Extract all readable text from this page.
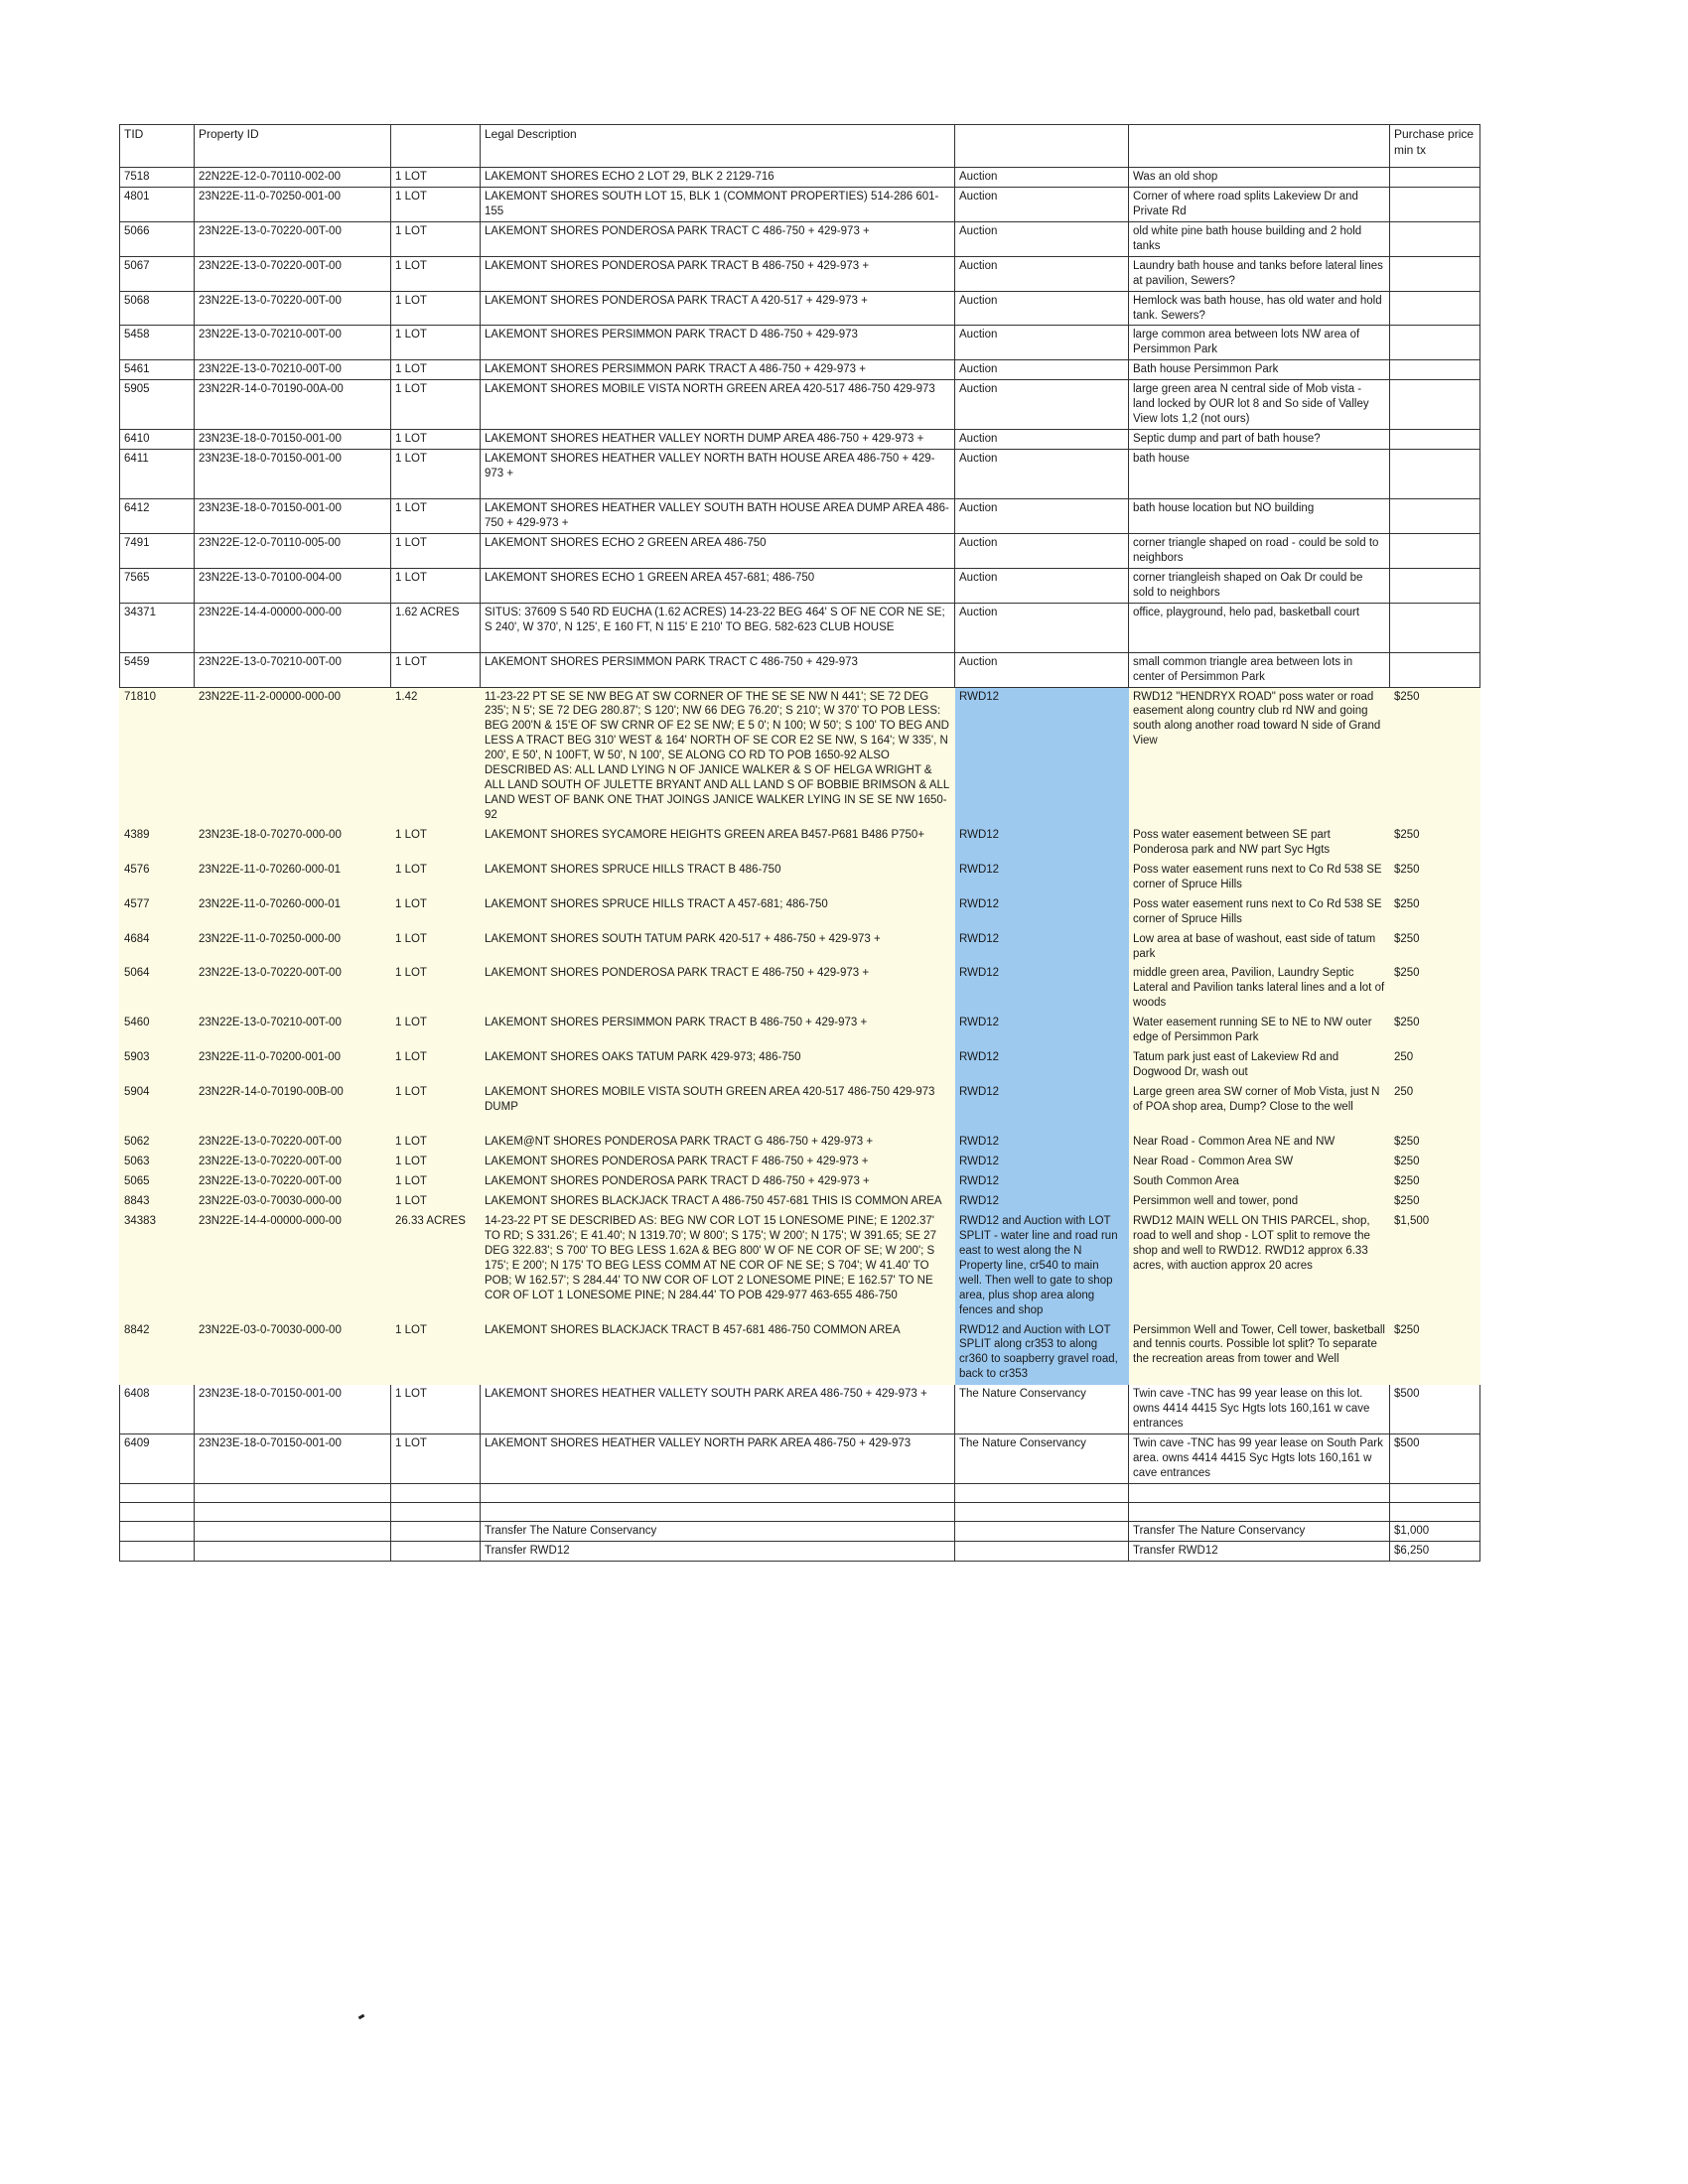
TID	Property ID		Legal Description			Purchase price min tx
7518	22N22E-12-0-70110-002-00	1 LOT	LAKEMONT SHORES ECHO 2 LOT 29, BLK 2 2129-716	Auction	Was an old shop	
4801	23N22E-11-0-70250-001-00	1 LOT	LAKEMONT SHORES SOUTH LOT 15, BLK 1 (COMMONT PROPERTIES) 514-286 601-155	Auction	Corner of where road splits Lakeview Dr and Private Rd	
5066	23N22E-13-0-70220-00T-00	1 LOT	LAKEMONT SHORES PONDEROSA PARK TRACT C 486-750 + 429-973 +	Auction	old white pine bath house building and 2 hold tanks	
5067	23N22E-13-0-70220-00T-00	1 LOT	LAKEMONT SHORES PONDEROSA PARK TRACT B 486-750 + 429-973 +	Auction	Laundry bath house and tanks before lateral lines at pavilion, Sewers?	
5068	23N22E-13-0-70220-00T-00	1 LOT	LAKEMONT SHORES PONDEROSA PARK TRACT A 420-517 + 429-973 +	Auction	Hemlock was bath house, has old water and hold tank. Sewers?	
5458	23N22E-13-0-70210-00T-00	1 LOT	LAKEMONT SHORES PERSIMMON PARK TRACT D 486-750 + 429-973	Auction	large common area between lots NW area of Persimmon Park	
5461	23N22E-13-0-70210-00T-00	1 LOT	LAKEMONT SHORES PERSIMMON PARK TRACT A 486-750 + 429-973 +	Auction	Bath house Persimmon Park	
5905	23N22R-14-0-70190-00A-00	1 LOT	LAKEMONT SHORES MOBILE VISTA NORTH GREEN AREA 420-517 486-750 429-973	Auction	large green area N central side of Mob vista - land locked by OUR lot 8 and So side of Valley View lots 1,2 (not ours)	
6410	23N23E-18-0-70150-001-00	1 LOT	LAKEMONT SHORES HEATHER VALLEY NORTH DUMP AREA 486-750 + 429-973 +	Auction	Septic dump and part of bath house?	
6411	23N23E-18-0-70150-001-00	1 LOT	LAKEMONT SHORES HEATHER VALLEY NORTH BATH HOUSE AREA 486-750 + 429-973 +	Auction	bath house	
6412	23N23E-18-0-70150-001-00	1 LOT	LAKEMONT SHORES HEATHER VALLEY SOUTH BATH HOUSE AREA DUMP AREA 486-750 + 429-973 +	Auction	bath house location but NO building	
7491	23N22E-12-0-70110-005-00	1 LOT	LAKEMONT SHORES ECHO 2 GREEN AREA 486-750	Auction	corner triangle shaped on road - could be sold to neighbors	
7565	23N22E-13-0-70100-004-00	1 LOT	LAKEMONT SHORES ECHO 1 GREEN AREA 457-681; 486-750	Auction	corner triangleish shaped on Oak Dr could be sold to neighbors	
34371	23N22E-14-4-00000-000-00	1.62 ACRES	SITUS: 37609 S 540 RD EUCHA (1.62 ACRES) 14-23-22 BEG 464' S OF NE COR NE SE; S 240', W 370', N 125', E 160 FT, N 115' E 210' TO BEG. 582-623 CLUB HOUSE	Auction	office, playground, helo pad, basketball court	
5459	23N22E-13-0-70210-00T-00	1 LOT	LAKEMONT SHORES PERSIMMON PARK TRACT C 486-750 + 429-973	Auction	small common triangle area between lots in center of Persimmon Park	
71810	23N22E-11-2-00000-000-00	1.42	11-23-22 PT SE SE NW BEG AT SW CORNER OF THE SE SE NW N 441'; SE 72 DEG 235'; N 5'; SE 72 DEG 280.87'; S 120'; NW 66 DEG 76.20'; S 210'; W 370' TO POB LESS: BEG 200'N & 15'E OF SW CRNR OF E2 SE NW; E 5 0'; N 100; W 50'; S 100' TO BEG AND LESS A TRACT BEG 310' WEST & 164' NORTH OF SE COR E2 SE NW, S 164'; W 335', N 200', E 50', N 100FT, W 50', N 100', SE ALONG CO RD TO POB 1650-92 ALSO DESCRIBED AS: ALL LAND LYING N OF JANICE WALKER & S OF HELGA WRIGHT & ALL LAND SOUTH OF JULETTE BRYANT AND ALL LAND S OF BOBBIE BRIMSON & ALL LAND WEST OF BANK ONE THAT JOINGS JANICE WALKER LYING IN SE SE NW 1650-92	RWD12	RWD12 "HENDRYX ROAD" poss water or road easement along country club rd NW and going south along another road toward N side of Grand View	$250
4389	23N23E-18-0-70270-000-00	1 LOT	LAKEMONT SHORES SYCAMORE HEIGHTS GREEN AREA B457-P681 B486 P750+	RWD12	Poss water easement between SE part Ponderosa park and NW part Syc Hgts	$250
4576	23N22E-11-0-70260-000-01	1 LOT	LAKEMONT SHORES SPRUCE HILLS TRACT B 486-750	RWD12	Poss water easement runs next to Co Rd 538 SE corner of Spruce Hills	$250
4577	23N22E-11-0-70260-000-01	1 LOT	LAKEMONT SHORES SPRUCE HILLS TRACT A 457-681; 486-750	RWD12	Poss water easement runs next to Co Rd 538 SE corner of Spruce Hills	$250
4684	23N22E-11-0-70250-000-00	1 LOT	LAKEMONT SHORES SOUTH TATUM PARK 420-517 + 486-750 + 429-973 +	RWD12	Low area at base of washout, east side of tatum park	$250
5064	23N22E-13-0-70220-00T-00	1 LOT	LAKEMONT SHORES PONDEROSA PARK TRACT E 486-750 + 429-973 +	RWD12	middle green area, Pavilion, Laundry Septic Lateral and Pavilion tanks lateral lines and a lot of woods	$250
5460	23N22E-13-0-70210-00T-00	1 LOT	LAKEMONT SHORES PERSIMMON PARK TRACT B 486-750 + 429-973 +	RWD12	Water easement running SE to NE to NW outer edge of Persimmon Park	$250
5903	23N22E-11-0-70200-001-00	1 LOT	LAKEMONT SHORES OAKS TATUM PARK 429-973; 486-750	RWD12	Tatum park just east of Lakeview Rd and Dogwood Dr, wash out	250
5904	23N22R-14-0-70190-00B-00	1 LOT	LAKEMONT SHORES MOBILE VISTA SOUTH GREEN AREA 420-517 486-750 429-973 DUMP	RWD12	Large green area SW corner of Mob Vista, just N of POA shop area, Dump? Close to the well	250
5062	23N22E-13-0-70220-00T-00	1 LOT	LAKEM@NT SHORES PONDEROSA PARK TRACT G 486-750 + 429-973 +	RWD12	Near Road - Common Area NE and NW	$250
5063	23N22E-13-0-70220-00T-00	1 LOT	LAKEMONT SHORES PONDEROSA PARK TRACT F 486-750 + 429-973 +	RWD12	Near Road - Common Area SW	$250
5065	23N22E-13-0-70220-00T-00	1 LOT	LAKEMONT SHORES PONDEROSA PARK TRACT D 486-750 + 429-973 +	RWD12	South Common Area	$250
8843	23N22E-03-0-70030-000-00	1 LOT	LAKEMONT SHORES BLACKJACK TRACT A 486-750 457-681 THIS IS COMMON AREA	RWD12	Persimmon well and tower, pond	$250
34383	23N22E-14-4-00000-000-00	26.33 ACRES	14-23-22 PT SE DESCRIBED AS: BEG NW COR LOT 15 LONESOME PINE; E 1202.37' TO RD; S 331.26'; E 41.40'; N 1319.70'; W 800'; S 175'; W 200'; N 175'; W 391.65; SE 27 DEG 322.83'; S 700' TO BEG LESS 1.62A & BEG 800' W OF NE COR OF SE; W 200'; S 175'; E 200'; N 175' TO BEG LESS COMM AT NE COR OF NE SE; S 704'; W 41.40' TO POB; W 162.57'; S 284.44' TO NW COR OF LOT 2 LONESOME PINE; E 162.57' TO NE COR OF LOT 1 LONESOME PINE; N 284.44' TO POB 429-977 463-655 486-750	RWD12 and Auction with LOT SPLIT - water line and road run east to west along the N Property line, cr540 to main well. Then well to gate to shop area, plus shop area along fences and shop	RWD12 MAIN WELL ON THIS PARCEL, shop, road to well and shop - LOT split to remove the shop and well to RWD12. RWD12 approx 6.33 acres, with auction approx 20 acres	$1,500
8842	23N22E-03-0-70030-000-00	1 LOT	LAKEMONT SHORES BLACKJACK TRACT B 457-681 486-750 COMMON AREA	RWD12 and Auction with LOT SPLIT along cr353 to along cr360 to soapberry gravel road, back to cr353	Persimmon Well and Tower, Cell tower, basketball and tennis courts. Possible lot split? To separate the recreation areas from tower and Well	$250
6408	23N23E-18-0-70150-001-00	1 LOT	LAKEMONT SHORES HEATHER VALLETY SOUTH PARK AREA 486-750 + 429-973 +	The Nature Conservancy	Twin cave -TNC has 99 year lease on this lot. owns 4414 4415 Syc Hgts lots 160,161 w cave entrances	$500
6409	23N23E-18-0-70150-001-00	1 LOT	LAKEMONT SHORES HEATHER VALLEY NORTH PARK AREA 486-750 + 429-973	The Nature Conservancy	Twin cave -TNC has 99 year lease on South Park area. owns 4414 4415 Syc Hgts lots 160,161 w cave entrances	$500

			Transfer The Nature Conservancy		Transfer The Nature Conservancy	$1,000
			Transfer RWD12		Transfer RWD12	$6,250
